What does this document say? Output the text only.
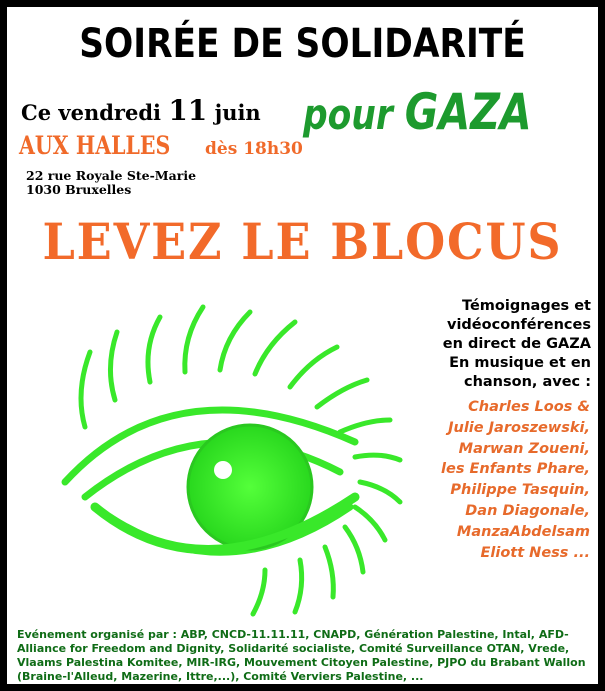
SOIRÉE DE SOLIDARITÉ
Ce vendredi 11 juin
AUX HALLES dès 18h30
22 rue Royale Ste-Marie
1030 Bruxelles
pour GAZA
LEVEZ LE BLOCUS
Témoignages et
vidéoconférences
en direct de GAZA
En musique et en
chanson, avec :
Charles Loos &
Julie Jaroszewski,
Marwan Zoueni,
les Enfants Phare,
Philippe Tasquin,
Dan Diagonale,
ManzaAbdelsam
Eliott Ness ...
Evénement organisé par : ABP, CNCD-11.11.11, CNAPD, Génération Palestine, Intal, AFD-Alliance for Freedom and Dignity, Solidarité socialiste, Comité Surveillance OTAN, Vrede, Vlaams Palestina Komitee, MIR-IRG, Mouvement Citoyen Palestine, PJPO du Brabant Wallon (Braine-l'Alleud, Mazerine, Ittre,...), Comité Verviers Palestine, ...
